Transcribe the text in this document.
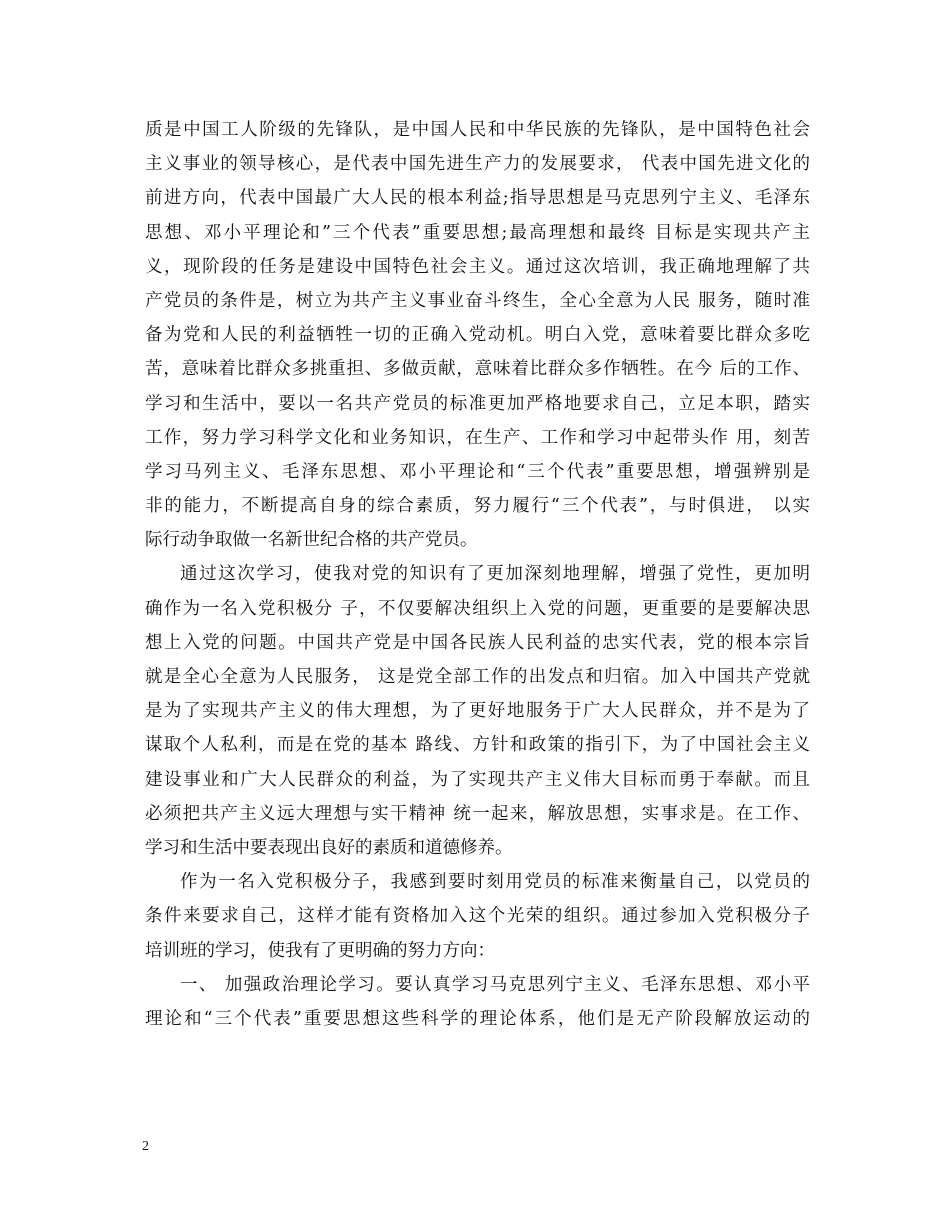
质是中国工人阶级的先锋队，是中国人民和中华民族的先锋队，是中国特色社会
主义事业的领导核心，是代表中国先进生产力的发展要求， 代表中国先进文化的
前进方向，代表中国最广大人民的根本利益;指导思想是马克思列宁主义、毛泽东
思想、邓小平理论和”三个代表”重要思想;最高理想和最终 目标是实现共产主
义，现阶段的任务是建设中国特色社会主义。通过这次培训，我正确地理解了共
产党员的条件是，树立为共产主义事业奋斗终生，全心全意为人民 服务，随时准
备为党和人民的利益牺牲一切的正确入党动机。明白入党，意味着要比群众多吃
苦，意味着比群众多挑重担、多做贡献，意味着比群众多作牺牲。在今 后的工作、
学习和生活中，要以一名共产党员的标准更加严格地要求自己，立足本职，踏实
工作，努力学习科学文化和业务知识，在生产、工作和学习中起带头作 用，刻苦
学习马列主义、毛泽东思想、邓小平理论和“三个代表”重要思想，增强辨别是
非的能力，不断提高自身的综合素质，努力履行“三个代表”，与时俱进， 以实
际行动争取做一名新世纪合格的共产党员。
通过这次学习，使我对党的知识有了更加深刻地理解，增强了党性，更加明
确作为一名入党积极分 子，不仅要解决组织上入党的问题，更重要的是要解决思
想上入党的问题。中国共产党是中国各民族人民利益的忠实代表，党的根本宗旨
就是全心全意为人民服务， 这是党全部工作的出发点和归宿。加入中国共产党就
是为了实现共产主义的伟大理想，为了更好地服务于广大人民群众，并不是为了
谋取个人私利，而是在党的基本 路线、方针和政策的指引下，为了中国社会主义
建设事业和广大人民群众的利益，为了实现共产主义伟大目标而勇于奉献。而且
必须把共产主义远大理想与实干精神 统一起来，解放思想，实事求是。在工作、
学习和生活中要表现出良好的素质和道德修养。
作为一名入党积极分子，我感到要时刻用党员的标准来衡量自己，以党员的
条件来要求自己，这样才能有资格加入这个光荣的组织。通过参加入党积极分子
培训班的学习，使我有了更明确的努力方向：
一、 加强政治理论学习。要认真学习马克思列宁主义、毛泽东思想、邓小平
理论和“三个代表”重要思想这些科学的理论体系，他们是无产阶段解放运动的
2
